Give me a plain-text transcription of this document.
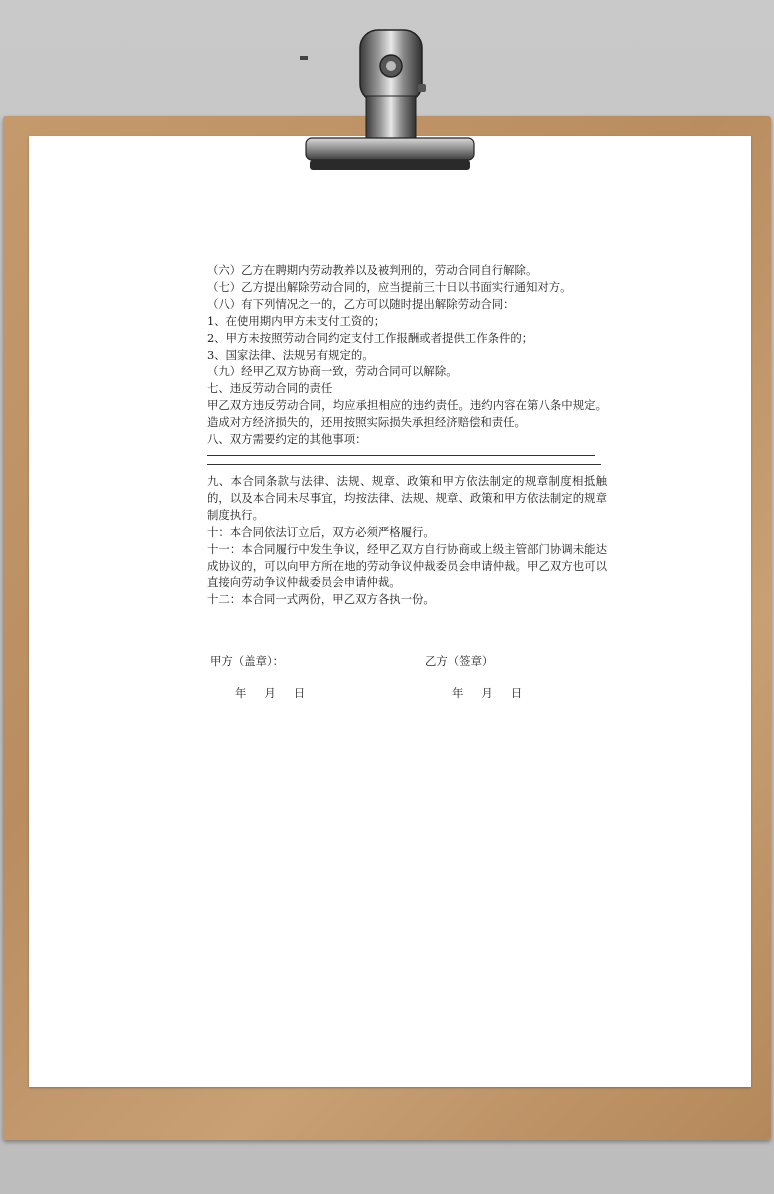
（六）乙方在聘期内劳动教养以及被判刑的，劳动合同自行解除。

（七）乙方提出解除劳动合同的，应当提前三十日以书面实行通知对方。

（八）有下列情况之一的，乙方可以随时提出解除劳动合同：

1、在使用期内甲方未支付工资的；

2、甲方未按照劳动合同约定支付工作报酬或者提供工作条件的；

3、国家法律、法规另有规定的。

（九）经甲乙双方协商一致，劳动合同可以解除。

七、违反劳动合同的责任

甲乙双方违反劳动合同，均应承担相应的违约责任。违约内容在第八条中规定。造成对方经济损失的，还用按照实际损失承担经济赔偿和责任。

八、双方需要约定的其他事项：

九、本合同条款与法律、法规、规章、政策和甲方依法制定的规章制度相抵触的，以及本合同未尽事宜，均按法律、法规、规章、政策和甲方依法制定的规章制度执行。

十：本合同依法订立后，双方必须严格履行。

十一：本合同履行中发生争议，经甲乙双方自行协商或上级主管部门协调未能达成协议的，可以向甲方所在地的劳动争议仲裁委员会申请仲裁。甲乙双方也可以直接向劳动争议仲裁委员会申请仲裁。

十二：本合同一式两份，甲乙双方各执一份。

甲方（盖章）：	乙方（签章）
年 月 日	年 月 日
